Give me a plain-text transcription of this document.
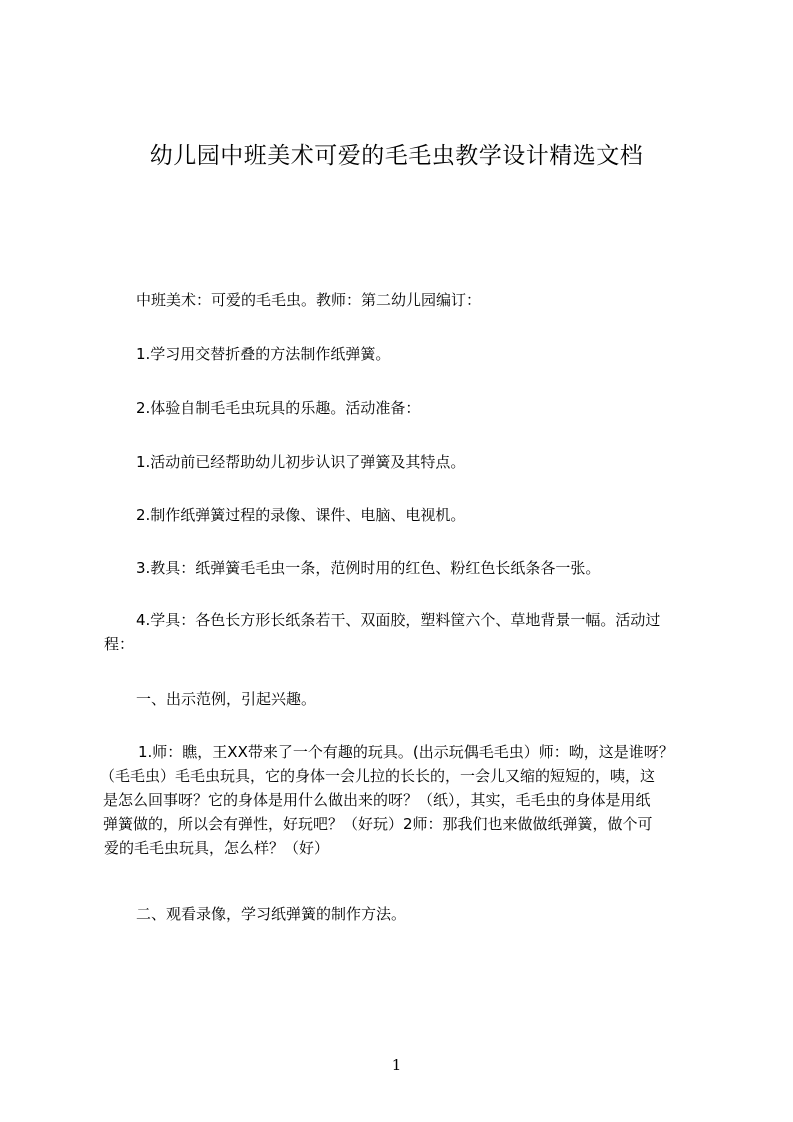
幼儿园中班美术可爱的毛毛虫教学设计精选文档
中班美术：可爱的毛毛虫。教师：第二幼儿园编订：
1.学习用交替折叠的方法制作纸弹簧。
2.体验自制毛毛虫玩具的乐趣。活动准备：
1.活动前已经帮助幼儿初步认识了弹簧及其特点。
2.制作纸弹簧过程的录像、课件、电脑、电视机。
3.教具：纸弹簧毛毛虫一条，范例时用的红色、粉红色长纸条各一张。
4.学具：各色长方形长纸条若干、双面胶，塑料筐六个、草地背景一幅。活动过
程：
一、出示范例，引起兴趣。
1.师：瞧，王XX带来了一个有趣的玩具。(出示玩偶毛毛虫）师：呦，这是谁呀？
（毛毛虫）毛毛虫玩具，它的身体一会儿拉的长长的，一会儿又缩的短短的，咦，这
是怎么回事呀？它的身体是用什么做出来的呀？（纸），其实，毛毛虫的身体是用纸
弹簧做的，所以会有弹性，好玩吧？（好玩）2师：那我们也来做做纸弹簧，做个可
爱的毛毛虫玩具，怎么样？（好）
二、观看录像，学习纸弹簧的制作方法。
1
